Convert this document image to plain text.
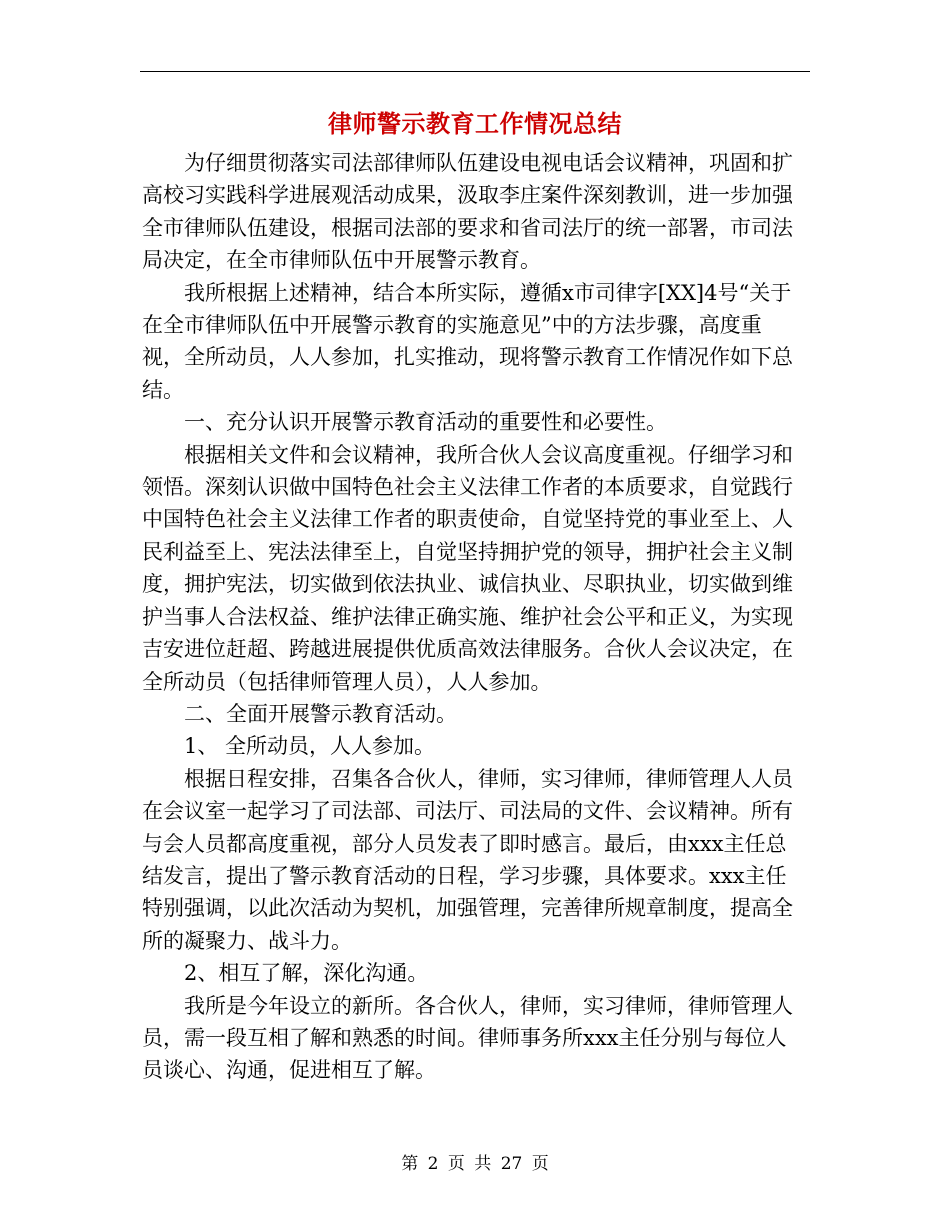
律师警示教育工作情况总结

为仔细贯彻落实司法部律师队伍建设电视电话会议精神，巩固和扩高校习实践科学进展观活动成果，汲取李庄案件深刻教训，进一步加强全市律师队伍建设，根据司法部的要求和省司法厅的统一部署，市司法局决定，在全市律师队伍中开展警示教育。

我所根据上述精神，结合本所实际，遵循x市司律字[XX]4号“关于在全市律师队伍中开展警示教育的实施意见”中的方法步骤，高度重视，全所动员，人人参加，扎实推动，现将警示教育工作情况作如下总结。

一、充分认识开展警示教育活动的重要性和必要性。

根据相关文件和会议精神，我所合伙人会议高度重视。仔细学习和领悟。深刻认识做中国特色社会主义法律工作者的本质要求，自觉践行中国特色社会主义法律工作者的职责使命，自觉坚持党的事业至上、人民利益至上、宪法法律至上，自觉坚持拥护党的领导，拥护社会主义制度，拥护宪法，切实做到依法执业、诚信执业、尽职执业，切实做到维护当事人合法权益、维护法律正确实施、维护社会公平和正义，为实现吉安进位赶超、跨越进展提供优质高效法律服务。合伙人会议决定，在全所动员（包括律师管理人员），人人参加。

二、全面开展警示教育活动。

1、 全所动员，人人参加。

根据日程安排，召集各合伙人，律师，实习律师，律师管理人人员在会议室一起学习了司法部、司法厅、司法局的文件、会议精神。所有与会人员都高度重视，部分人员发表了即时感言。最后，由xxx主任总结发言，提出了警示教育活动的日程，学习步骤，具体要求。xxx主任特别强调，以此次活动为契机，加强管理，完善律所规章制度，提高全所的凝聚力、战斗力。

2、相互了解，深化沟通。

我所是今年设立的新所。各合伙人，律师，实习律师，律师管理人员，需一段互相了解和熟悉的时间。律师事务所xxx主任分别与每位人员谈心、沟通，促进相互了解。

第 2 页 共 27 页
